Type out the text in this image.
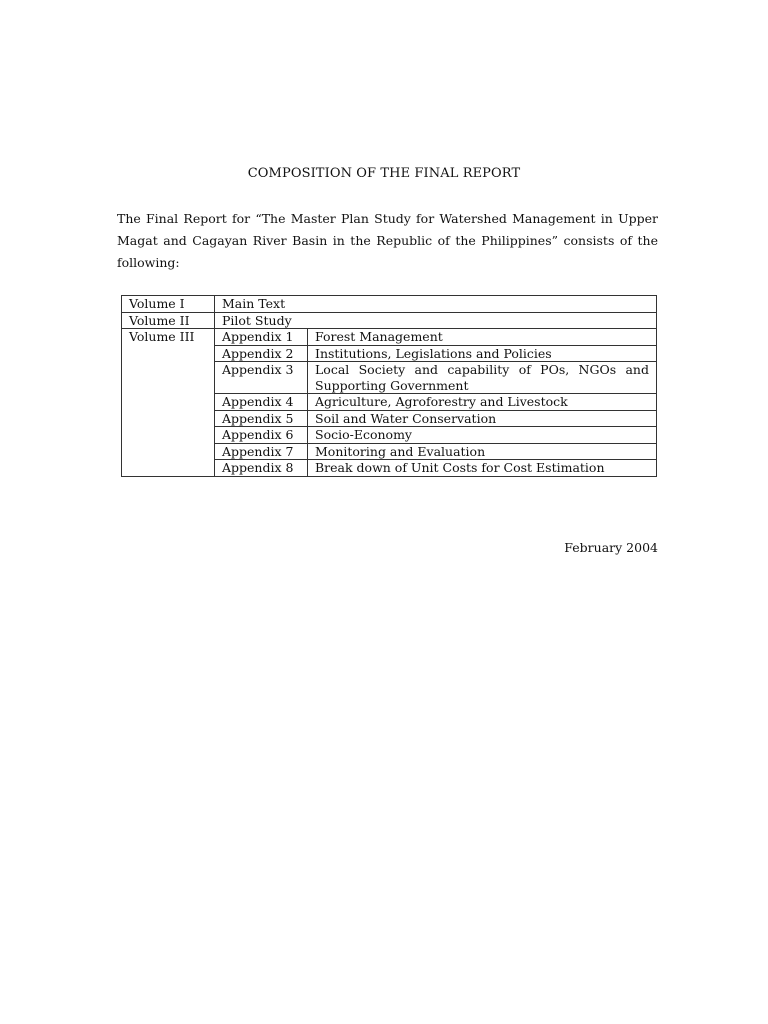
COMPOSITION OF THE FINAL REPORT
The Final Report for “The Master Plan Study for Watershed Management in Upper
Magat and Cagayan River Basin in the Republic of the Philippines” consists of the
following:
Volume I	Main Text	
Volume II	Pilot Study	
Volume III	Appendix 1	Forest Management
	Appendix 2	Institutions, Legislations and Policies
	Appendix 3	Local Society and capability of POs, NGOs and Supporting Government
	Appendix 4	Agriculture, Agroforestry and Livestock
	Appendix 5	Soil and Water Conservation
	Appendix 6	Socio-Economy
	Appendix 7	Monitoring and Evaluation
	Appendix 8	Break down of Unit Costs for Cost Estimation
February 2004
